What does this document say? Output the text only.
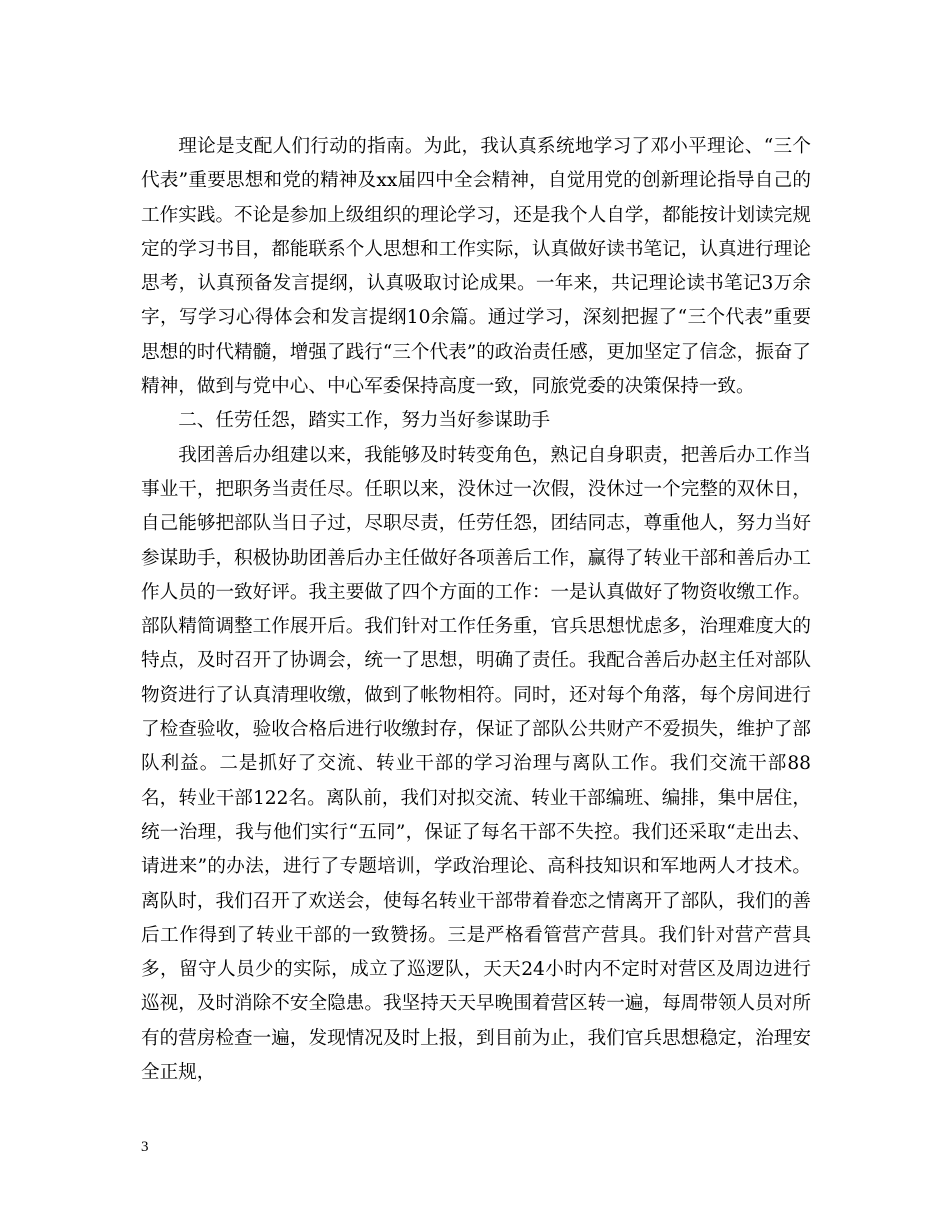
理论是支配人们行动的指南。为此，我认真系统地学习了邓小平理论、“三个代表”重要思想和党的精神及xx届四中全会精神，自觉用党的创新理论指导自己的工作实践。不论是参加上级组织的理论学习，还是我个人自学，都能按计划读完规定的学习书目，都能联系个人思想和工作实际，认真做好读书笔记，认真进行理论思考，认真预备发言提纲，认真吸取讨论成果。一年来，共记理论读书笔记3万余字，写学习心得体会和发言提纲10余篇。通过学习，深刻把握了“三个代表”重要思想的时代精髓，增强了践行“三个代表”的政治责任感，更加坚定了信念，振奋了精神，做到与党中心、中心军委保持高度一致，同旅党委的决策保持一致。

二、任劳任怨，踏实工作，努力当好参谋助手

我团善后办组建以来，我能够及时转变角色，熟记自身职责，把善后办工作当事业干，把职务当责任尽。任职以来，没休过一次假，没休过一个完整的双休日，自己能够把部队当日子过，尽职尽责，任劳任怨，团结同志，尊重他人，努力当好参谋助手，积极协助团善后办主任做好各项善后工作，赢得了转业干部和善后办工作人员的一致好评。我主要做了四个方面的工作：一是认真做好了物资收缴工作。部队精简调整工作展开后。我们针对工作任务重，官兵思想忧虑多，治理难度大的特点，及时召开了协调会，统一了思想，明确了责任。我配合善后办赵主任对部队物资进行了认真清理收缴，做到了帐物相符。同时，还对每个角落，每个房间进行了检查验收，验收合格后进行收缴封存，保证了部队公共财产不爱损失，维护了部队利益。二是抓好了交流、转业干部的学习治理与离队工作。我们交流干部88名，转业干部122名。离队前，我们对拟交流、转业干部编班、编排，集中居住，统一治理，我与他们实行“五同”，保证了每名干部不失控。我们还采取“走出去、请进来”的办法，进行了专题培训，学政治理论、高科技知识和军地两人才技术。离队时，我们召开了欢送会，使每名转业干部带着眷恋之情离开了部队，我们的善后工作得到了转业干部的一致赞扬。三是严格看管营产营具。我们针对营产营具多，留守人员少的实际，成立了巡逻队，天天24小时内不定时对营区及周边进行巡视，及时消除不安全隐患。我坚持天天早晚围着营区转一遍，每周带领人员对所有的营房检查一遍，发现情况及时上报，到目前为止，我们官兵思想稳定，治理安全正规，

3
